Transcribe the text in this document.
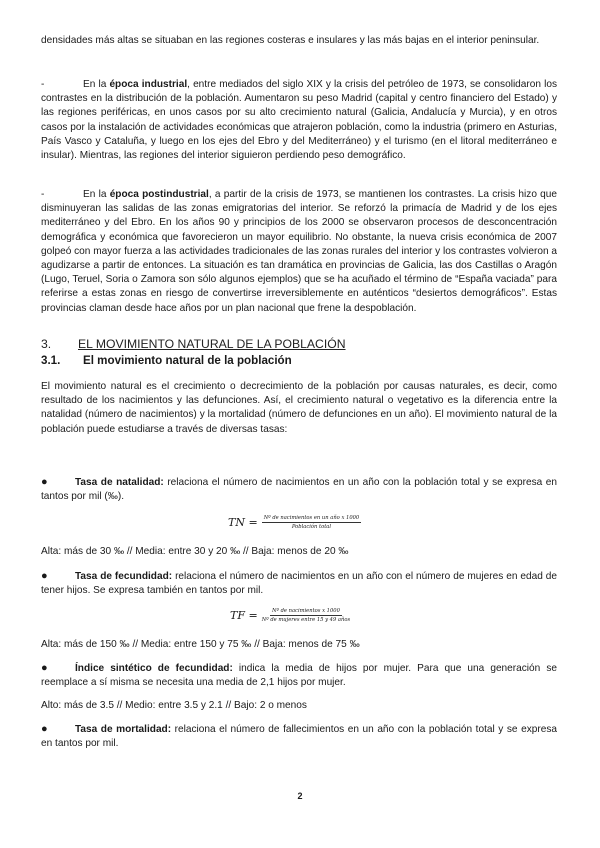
densidades más altas se situaban en las regiones costeras e insulares y las más bajas en el interior peninsular.

-	En la época industrial, entre mediados del siglo XIX y la crisis del petróleo de 1973, se consolidaron los contrastes en la distribución de la población. Aumentaron su peso Madrid (capital y centro financiero del Estado) y las regiones periféricas, en unos casos por su alto crecimiento natural (Galicia, Andalucía y Murcia), y en otros casos por la instalación de actividades económicas que atrajeron población, como la industria (primero en Asturias, País Vasco y Cataluña, y luego en los ejes del Ebro y del Mediterráneo) y el turismo (en el litoral mediterráneo e insular). Mientras, las regiones del interior siguieron perdiendo peso demográfico.

-	En la época postindustrial, a partir de la crisis de 1973, se mantienen los contrastes. La crisis hizo que disminuyeran las salidas de las zonas emigratorias del interior. Se reforzó la primacía de Madrid y de los ejes mediterráneo y del Ebro. En los años 90 y principios de los 2000 se observaron procesos de desconcentración demográfica y económica que favorecieron un mayor equilibrio. No obstante, la nueva crisis económica de 2007 golpeó con mayor fuerza a las actividades tradicionales de las zonas rurales del interior y los contrastes volvieron a agudizarse a partir de entonces. La situación es tan dramática en provincias de Galicia, las dos Castillas o Aragón (Lugo, Teruel, Soria o Zamora son sólo algunos ejemplos) que se ha acuñado el término de “España vaciada” para referirse a estas zonas en riesgo de convertirse irreversiblemente en auténticos “desiertos demográficos”. Estas provincias claman desde hace años por un plan nacional que frene la despoblación.

3. EL MOVIMIENTO NATURAL DE LA POBLACIÓN
3.1. El movimiento natural de la población

El movimiento natural es el crecimiento o decrecimiento de la población por causas naturales, es decir, como resultado de los nacimientos y las defunciones. Así, el crecimiento natural o vegetativo es la diferencia entre la natalidad (número de nacimientos) y la mortalidad (número de defunciones en un año). El movimiento natural de la población puede estudiarse a través de diversas tasas:

●	Tasa de natalidad: relaciona el número de nacimientos en un año con la población total y se expresa en tantos por mil (‰).

TN = $\frac{\text{Nº de nacimientos en un año x 1000}}{\text{Población total}}$

Alta: más de 30 ‰ // Media: entre 30 y 20 ‰ // Baja: menos de 20 ‰

●	Tasa de fecundidad: relaciona el número de nacimientos en un año con el número de mujeres en edad de tener hijos. Se expresa también en tantos por mil.

TF = $\frac{\text{Nº de nacimientos x 1000}}{\text{Nº de mujeres entre 15 y 49 años}}$

Alta: más de 150 ‰ // Media: entre 150 y 75 ‰ // Baja: menos de 75 ‰

●	Índice sintético de fecundidad: indica la media de hijos por mujer. Para que una generación se reemplace a sí misma se necesita una media de 2,1 hijos por mujer.

Alto: más de 3.5 // Medio: entre 3.5 y 2.1 // Bajo: 2 o menos

●	Tasa de mortalidad: relaciona el número de fallecimientos en un año con la población total y se expresa en tantos por mil.

2
